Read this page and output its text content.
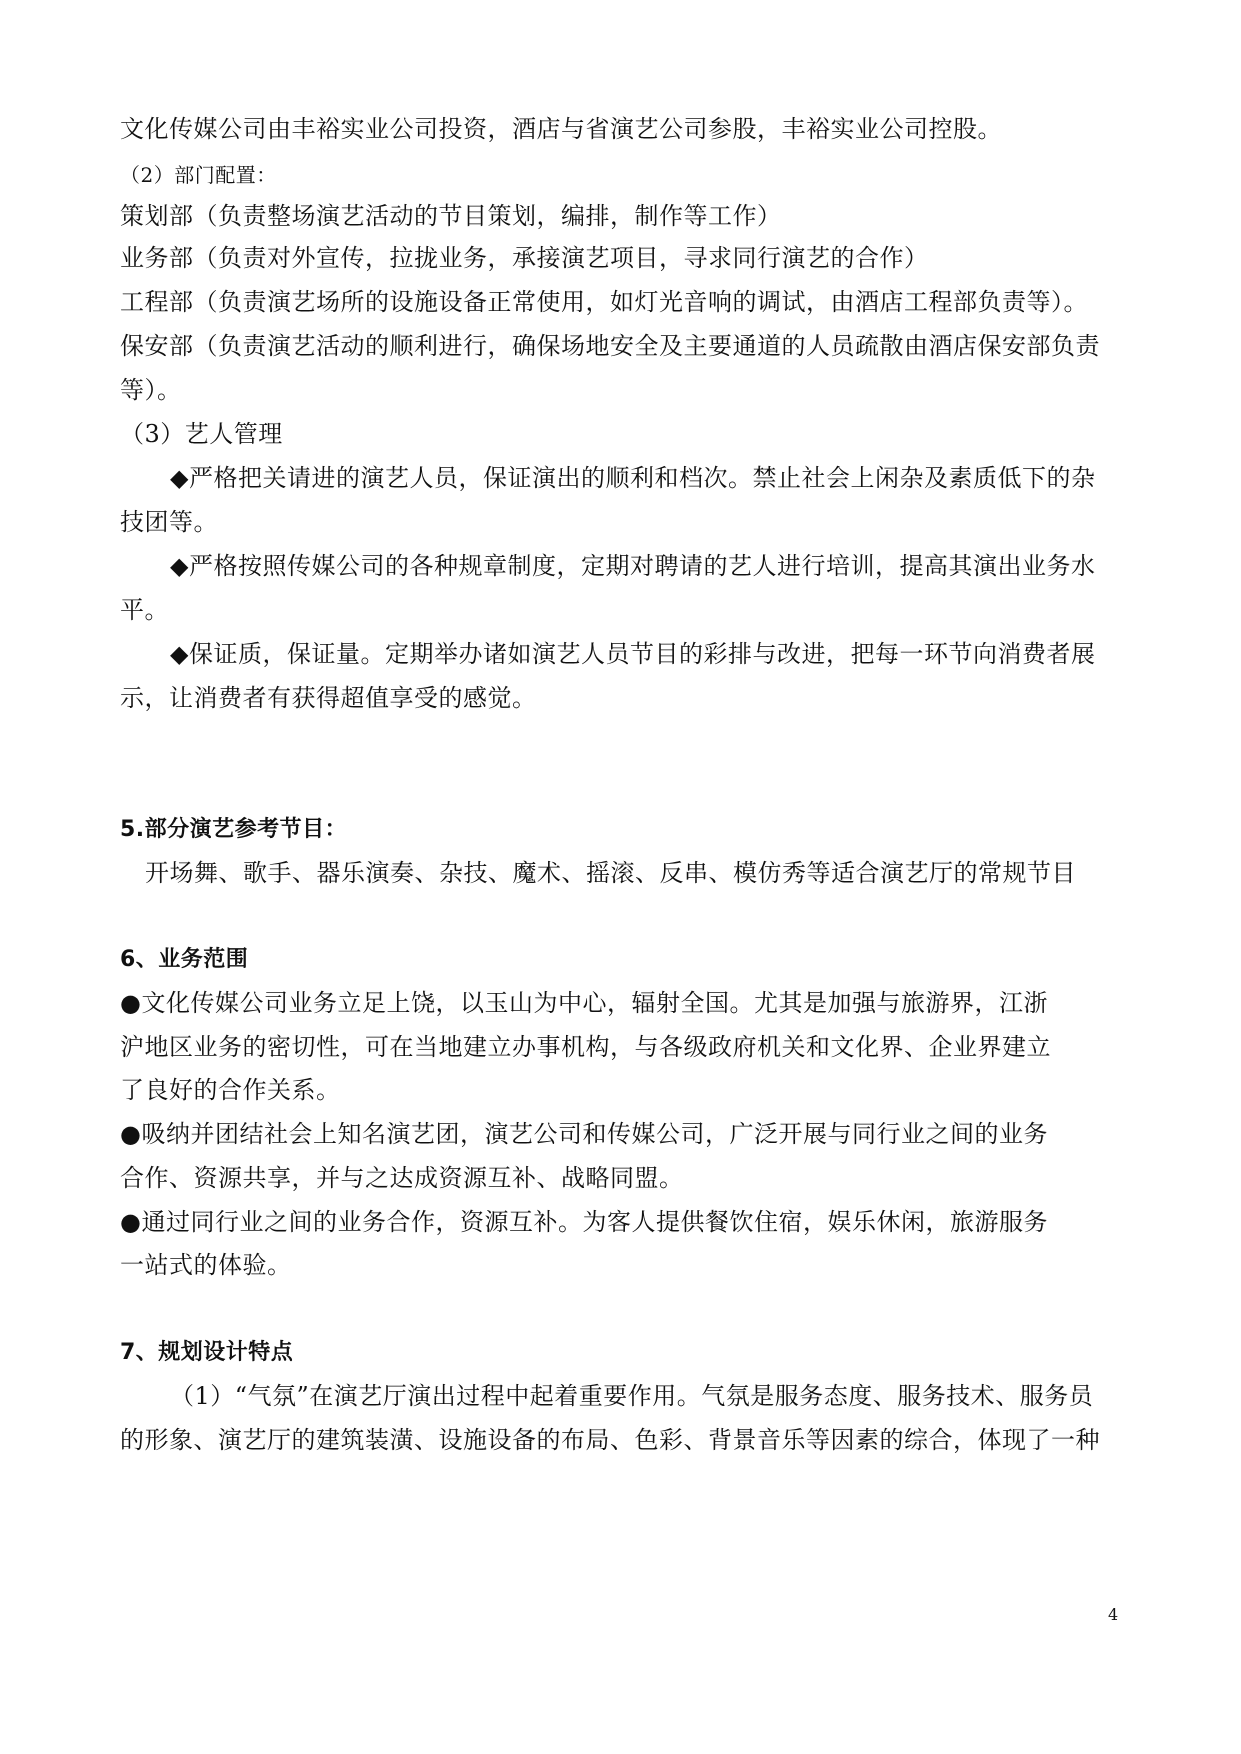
文化传媒公司由丰裕实业公司投资，酒店与省演艺公司参股，丰裕实业公司控股。
（2）部门配置：
策划部（负责整场演艺活动的节目策划，编排，制作等工作）
业务部（负责对外宣传，拉拢业务，承接演艺项目，寻求同行演艺的合作）
工程部（负责演艺场所的设施设备正常使用，如灯光音响的调试，由酒店工程部负责等）。
保安部（负责演艺活动的顺利进行，确保场地安全及主要通道的人员疏散由酒店保安部负责
等）。
（3）艺人管理
◆严格把关请进的演艺人员，保证演出的顺利和档次。禁止社会上闲杂及素质低下的杂
技团等。
◆严格按照传媒公司的各种规章制度，定期对聘请的艺人进行培训，提高其演出业务水
平。
◆保证质，保证量。定期举办诸如演艺人员节目的彩排与改进，把每一环节向消费者展
示，让消费者有获得超值享受的感觉。
5.部分演艺参考节目：
开场舞、歌手、器乐演奏、杂技、魔术、摇滚、反串、模仿秀等适合演艺厅的常规节目
6、业务范围
●文化传媒公司业务立足上饶，以玉山为中心，辐射全国。尤其是加强与旅游界，江浙
沪地区业务的密切性，可在当地建立办事机构，与各级政府机关和文化界、企业界建立
了良好的合作关系。
●吸纳并团结社会上知名演艺团，演艺公司和传媒公司，广泛开展与同行业之间的业务
合作、资源共享，并与之达成资源互补、战略同盟。
●通过同行业之间的业务合作，资源互补。为客人提供餐饮住宿，娱乐休闲，旅游服务
一站式的体验。
7、规划设计特点
（1）“气氛”在演艺厅演出过程中起着重要作用。气氛是服务态度、服务技术、服务员
的形象、演艺厅的建筑装潢、设施设备的布局、色彩、背景音乐等因素的综合，体现了一种
4
